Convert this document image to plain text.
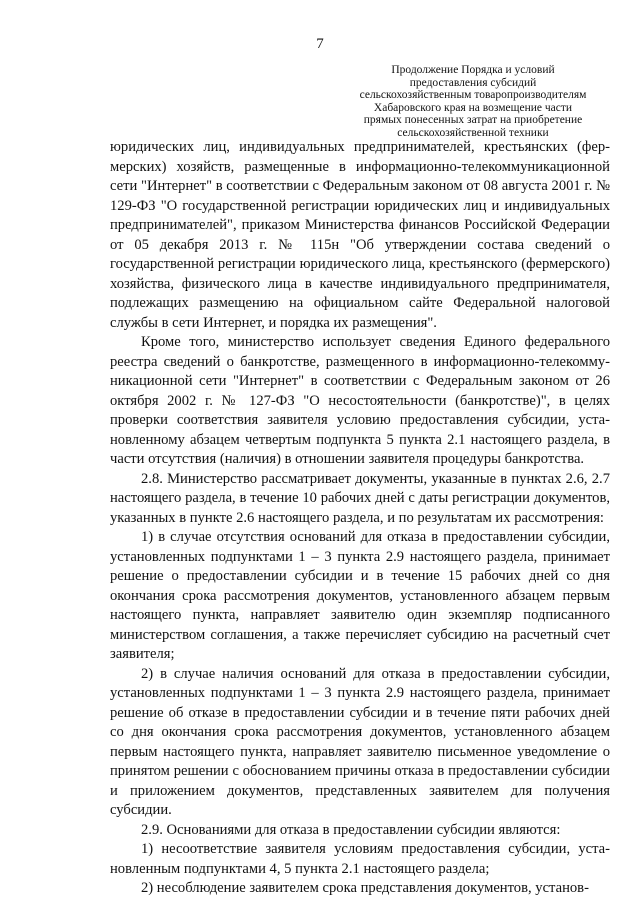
7
Продолжение Порядка и условий
предоставления субсидий
сельскохозяйственным товаропроизводителям
Хабаровского края на возмещение части
прямых понесенных затрат на приобретение
сельскохозяйственной техники

юридических лиц, индивидуальных предпринимателей, крестьянских (фермерских) хозяйств, размещенные в информационно-телекоммуникационной сети "Интернет" в соответствии с Федеральным законом от 08 августа 2001 г. № 129-ФЗ "О государственной регистрации юридических лиц и индивидуальных предпринимателей", приказом Министерства финансов Российской Федерации от 05 декабря 2013 г. № 115н "Об утверждении состава сведений о государственной регистрации юридического лица, крестьянского (фермерского) хозяйства, физического лица в качестве индивидуального предпринимателя, подлежащих размещению на официальном сайте Федеральной налоговой службы в сети Интернет, и порядка их размещения".

Кроме того, министерство использует сведения Единого федерального реестра сведений о банкротстве, размещенного в информационно-телекоммуникационной сети "Интернет" в соответствии с Федеральным законом от 26 октября 2002 г. № 127-ФЗ "О несостоятельности (банкротстве)", в целях проверки соответствия заявителя условию предоставления субсидии, установленному абзацем четвертым подпункта 5 пункта 2.1 настоящего раздела, в части отсутствия (наличия) в отношении заявителя процедуры банкротства.

2.8. Министерство рассматривает документы, указанные в пунктах 2.6, 2.7 настоящего раздела, в течение 10 рабочих дней с даты регистрации документов, указанных в пункте 2.6 настоящего раздела, и по результатам их рассмотрения:

1) в случае отсутствия оснований для отказа в предоставлении субсидии, установленных подпунктами 1 – 3 пункта 2.9 настоящего раздела, принимает решение о предоставлении субсидии и в течение 15 рабочих дней со дня окончания срока рассмотрения документов, установленного абзацем первым настоящего пункта, направляет заявителю один экземпляр подписанного министерством соглашения, а также перечисляет субсидию на расчетный счет заявителя;

2) в случае наличия оснований для отказа в предоставлении субсидии, установленных подпунктами 1 – 3 пункта 2.9 настоящего раздела, принимает решение об отказе в предоставлении субсидии и в течение пяти рабочих дней со дня окончания срока рассмотрения документов, установленного абзацем первым настоящего пункта, направляет заявителю письменное уведомление о принятом решении с обоснованием причины отказа в предоставлении субсидии и приложением документов, представленных заявителем для получения субсидии.

2.9. Основаниями для отказа в предоставлении субсидии являются:

1) несоответствие заявителя условиям предоставления субсидии, установленным подпунктами 4, 5 пункта 2.1 настоящего раздела;

2) несоблюдение заявителем срока представления документов, установ-
